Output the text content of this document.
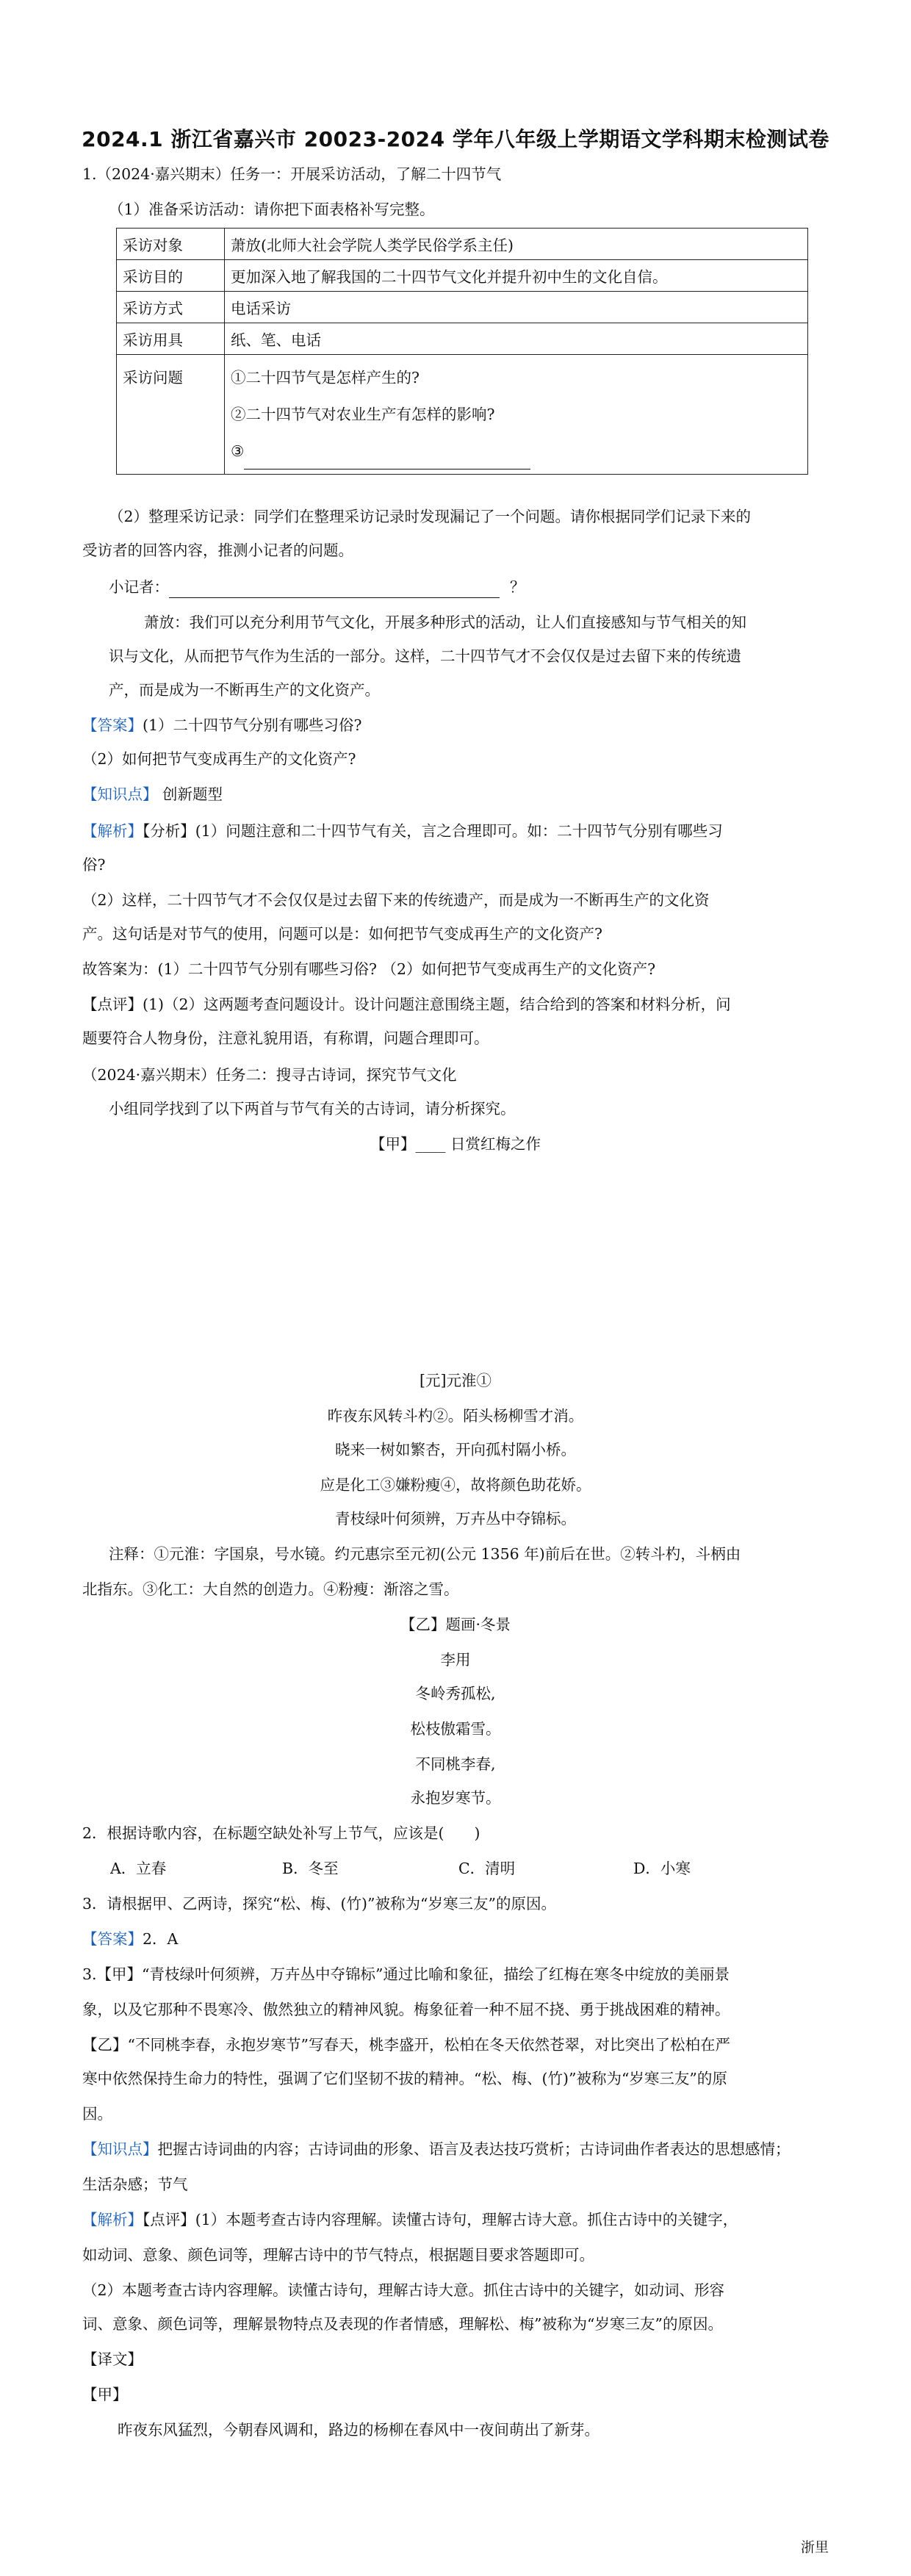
2024.1 浙江省嘉兴市 20023-2024 学年八年级上学期语文学科期末检测试卷
1.（2024·嘉兴期末）任务一：开展采访活动，了解二十四节气
（1）准备采访活动：请你把下面表格补写完整。
采访对象	萧放(北师大社会学院人类学民俗学系主任)
采访目的	更加深入地了解我国的二十四节气文化并提升初中生的文化自信。
采访方式	电话采访
采访用具	纸、笔、电话
采访问题	①二十四节气是怎样产生的?
②二十四节气对农业生产有怎样的影响?
③
（2）整理采访记录：同学们在整理采访记录时发现漏记了一个问题。请你根据同学们记录下来的
受访者的回答内容，推测小记者的问题。
小记者：	？
萧放：我们可以充分利用节气文化，开展多种形式的活动，让人们直接感知与节气相关的知
识与文化，从而把节气作为生活的一部分。这样，二十四节气才不会仅仅是过去留下来的传统遗
产，而是成为一不断再生产的文化资产。
【答案】(1）二十四节气分别有哪些习俗?
（2）如何把节气变成再生产的文化资产?
【知识点】 创新题型
【解析】【分析】(1）问题注意和二十四节气有关，言之合理即可。如：二十四节气分别有哪些习
俗?
（2）这样，二十四节气才不会仅仅是过去留下来的传统遗产，而是成为一不断再生产的文化资
产。这句话是对节气的使用，问题可以是：如何把节气变成再生产的文化资产?
故答案为：(1）二十四节气分别有哪些习俗? （2）如何把节气变成再生产的文化资产?
【点评】(1)（2）这两题考查问题设计。设计问题注意围绕主题，结合给到的答案和材料分析，问
题要符合人物身份，注意礼貌用语，有称谓，问题合理即可。
（2024·嘉兴期末）任务二：搜寻古诗词，探究节气文化
小组同学找到了以下两首与节气有关的古诗词，请分析探究。
【甲】____ 日赏红梅之作
[元]元淮①
昨夜东风转斗杓②。陌头杨柳雪才消。
晓来一树如繁杏，开向孤村隔小桥。
应是化工③嫌粉瘦④，故将颜色助花娇。
青枝绿叶何须辨，万卉丛中夺锦标。
注释：①元淮：字国泉，号水镜。约元惠宗至元初(公元 1356 年)前后在世。②转斗杓，斗柄由
北指东。③化工：大自然的创造力。④粉瘦：渐溶之雪。
【乙】题画·冬景
李用
冬岭秀孤松,
松枝傲霜雪。
不同桃李春,
永抱岁寒节。
2．根据诗歌内容，在标题空缺处补写上节气，应该是(　　)
A．立春	B．冬至	C．清明	D．小寒
3．请根据甲、乙两诗，探究“松、梅、(竹)”被称为“岁寒三友”的原因。
【答案】2．A
3.【甲】“青枝绿叶何须辨，万卉丛中夺锦标”通过比喻和象征，描绘了红梅在寒冬中绽放的美丽景
象，以及它那种不畏寒冷、傲然独立的精神风貌。梅象征着一种不屈不挠、勇于挑战困难的精神。
【乙】“不同桃李春，永抱岁寒节”写春天，桃李盛开，松柏在冬天依然苍翠，对比突出了松柏在严
寒中依然保持生命力的特性，强调了它们坚韧不拔的精神。“松、梅、(竹)”被称为“岁寒三友”的原
因。
【知识点】把握古诗词曲的内容；古诗词曲的形象、语言及表达技巧赏析；古诗词曲作者表达的思想感情；
生活杂感；节气
【解析】【点评】(1）本题考查古诗内容理解。读懂古诗句，理解古诗大意。抓住古诗中的关键字，
如动词、意象、颜色词等，理解古诗中的节气特点，根据题目要求答题即可。
（2）本题考查古诗内容理解。读懂古诗句，理解古诗大意。抓住古诗中的关键字，如动词、形容
词、意象、颜色词等，理解景物特点及表现的作者情感，理解松、梅”被称为“岁寒三友”的原因。
【译文】
【甲】
昨夜东风猛烈，今朝春风调和，路边的杨柳在春风中一夜间萌出了新芽。
浙里
